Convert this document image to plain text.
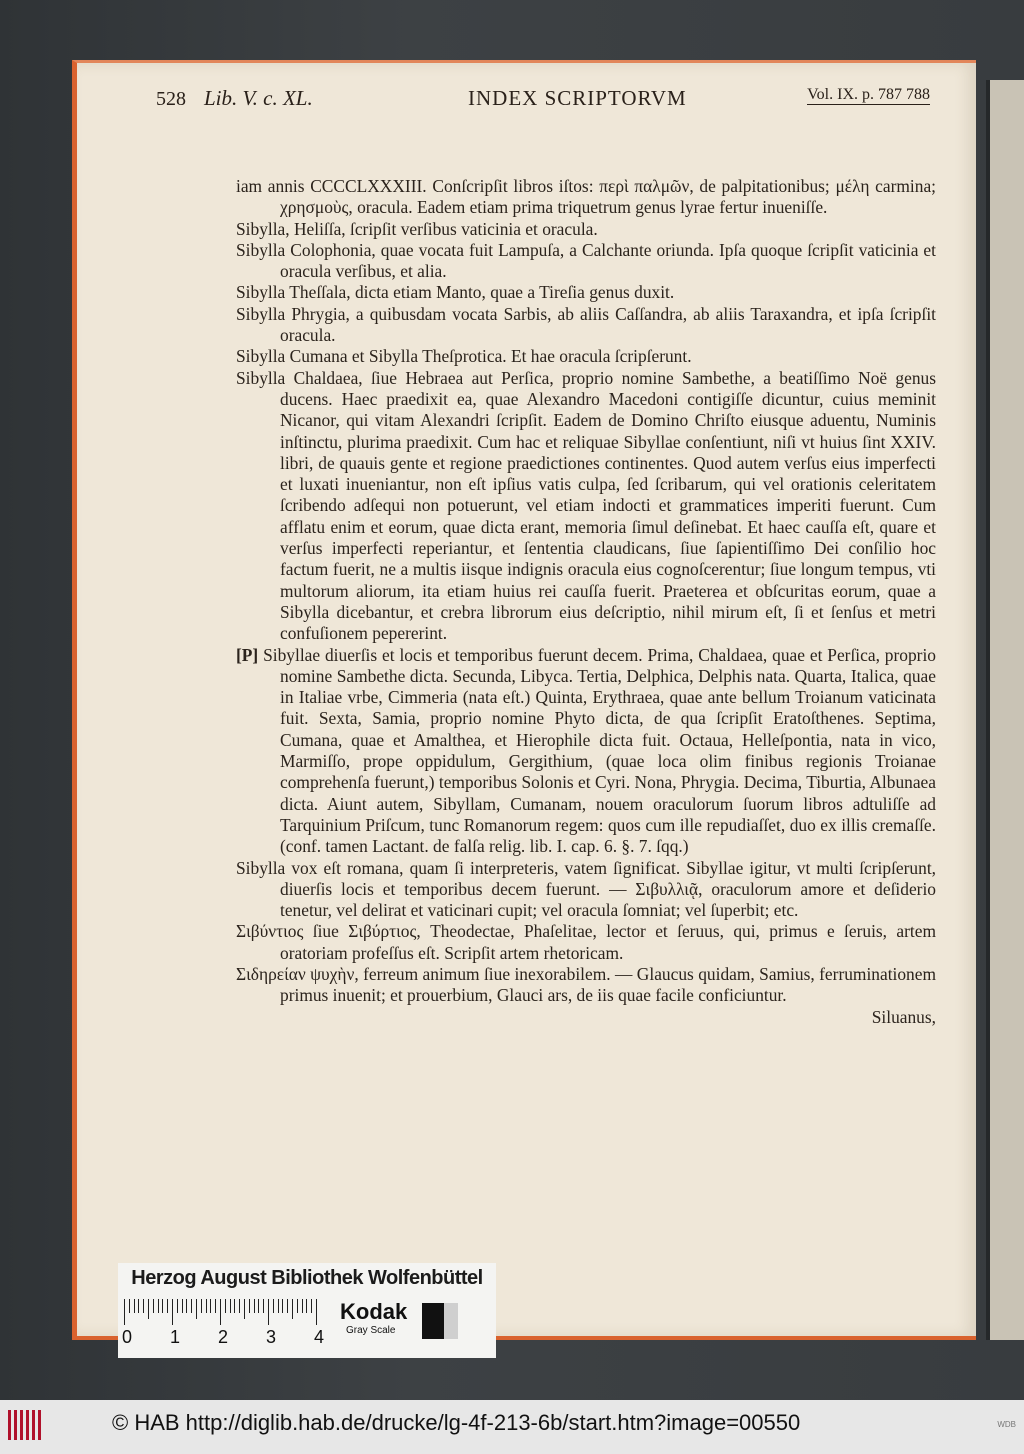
528 Lib. V. c. XL.	INDEX SCRIPTORVM	Vol. IX. p. 787 788
iam annis CCCCLXXXIII. Conſcripſit libros iſtos: περὶ παλμῶν, de palpitationibus; μέλη carmina; χρησμοὺς, oracula. Eadem etiam prima triquetrum genus lyrae fertur inueniſſe.
Sibylla, Heliſſa, ſcripſit verſibus vaticinia et oracula.
Sibylla Colophonia, quae vocata fuit Lampuſa, a Calchante oriunda. Ipſa quoque ſcripſit vaticinia et oracula verſibus, et alia.
Sibylla Theſſala, dicta etiam Manto, quae a Tireſia genus duxit.
Sibylla Phrygia, a quibusdam vocata Sarbis, ab aliis Caſſandra, ab aliis Taraxandra, et ipſa ſcripſit oracula.
Sibylla Cumana et Sibylla Theſprotica. Et hae oracula ſcripſerunt.
Sibylla Chaldaea, ſiue Hebraea aut Perſica, proprio nomine Sambethe, a beatiſſimo Noë genus ducens. Haec praedixit ea, quae Alexandro Macedoni contigiſſe dicuntur, cuius meminit Nicanor, qui vitam Alexandri ſcripſit. Eadem de Domino Chriſto eiusque aduentu, Numinis inſtinctu, plurima praedixit. Cum hac et reliquae Sibyllae conſentiunt, niſi vt huius ſint XXIV. libri, de quauis gente et regione praedictiones continentes. Quod autem verſus eius imperfecti et luxati inueniantur, non eſt ipſius vatis culpa, ſed ſcribarum, qui vel orationis celeritatem ſcribendo adſequi non potuerunt, vel etiam indocti et grammatices imperiti fuerunt. Cum afflatu enim et eorum, quae dicta erant, memoria ſimul deſinebat. Et haec cauſſa eſt, quare et verſus imperfecti reperiantur, et ſententia claudicans, ſiue ſapientiſſimo Dei conſilio hoc factum fuerit, ne a multis iisque indignis oracula eius cognoſcerentur; ſiue longum tempus, vti multorum aliorum, ita etiam huius rei cauſſa fuerit. Praeterea et obſcuritas eorum, quae a Sibylla dicebantur, et crebra librorum eius deſcriptio, nihil mirum eſt, ſi et ſenſus et metri confuſionem pepererint.
[P] Sibyllae diuerſis et locis et temporibus fuerunt decem. Prima, Chaldaea, quae et Perſica, proprio nomine Sambethe dicta. Secunda, Libyca. Tertia, Delphica, Delphis nata. Quarta, Italica, quae in Italiae vrbe, Cimmeria (nata eſt.) Quinta, Erythraea, quae ante bellum Troianum vaticinata fuit. Sexta, Samia, proprio nomine Phyto dicta, de qua ſcripſit Eratoſthenes. Septima, Cumana, quae et Amalthea, et Hierophile dicta fuit. Octaua, Helleſpontia, nata in vico, Marmiſſo, prope oppidulum, Gergithium, (quae loca olim finibus regionis Troianae comprehenſa fuerunt,) temporibus Solonis et Cyri. Nona, Phrygia. Decima, Tiburtia, Albunaea dicta. Aiunt autem, Sibyllam, Cumanam, nouem oraculorum ſuorum libros adtuliſſe ad Tarquinium Priſcum, tunc Romanorum regem: quos cum ille repudiaſſet, duo ex illis cremaſſe. (conf. tamen Lactant. de falſa relig. lib. I. cap. 6. §. 7. ſqq.)
Sibylla vox eſt romana, quam ſi interpreteris, vatem ſignificat. Sibyllae igitur, vt multi ſcripſerunt, diuerſis locis et temporibus decem fuerunt. — Σιβυλλιᾷ, oraculorum amore et deſiderio tenetur, vel delirat et vaticinari cupit; vel oracula ſomniat; vel ſuperbit; etc.
Σιβύντιος ſiue Σιβύρτιος, Theodectae, Phaſelitae, lector et ſeruus, qui, primus e ſeruis, artem oratoriam profeſſus eſt. Scripſit artem rhetoricam.
Σιδηρείαν ψυχὴν, ferreum animum ſiue inexorabilem. — Glaucus quidam, Samius, ferruminationem primus inuenit; et prouerbium, Glauci ars, de iis quae facile conficiuntur.
Siluanus,
Herzog August Bibliothek Wolfenbüttel
0 1 2 3 4
Kodak
Gray Scale
© HAB http://diglib.hab.de/drucke/lg-4f-213-6b/start.htm?image=00550	WDB
